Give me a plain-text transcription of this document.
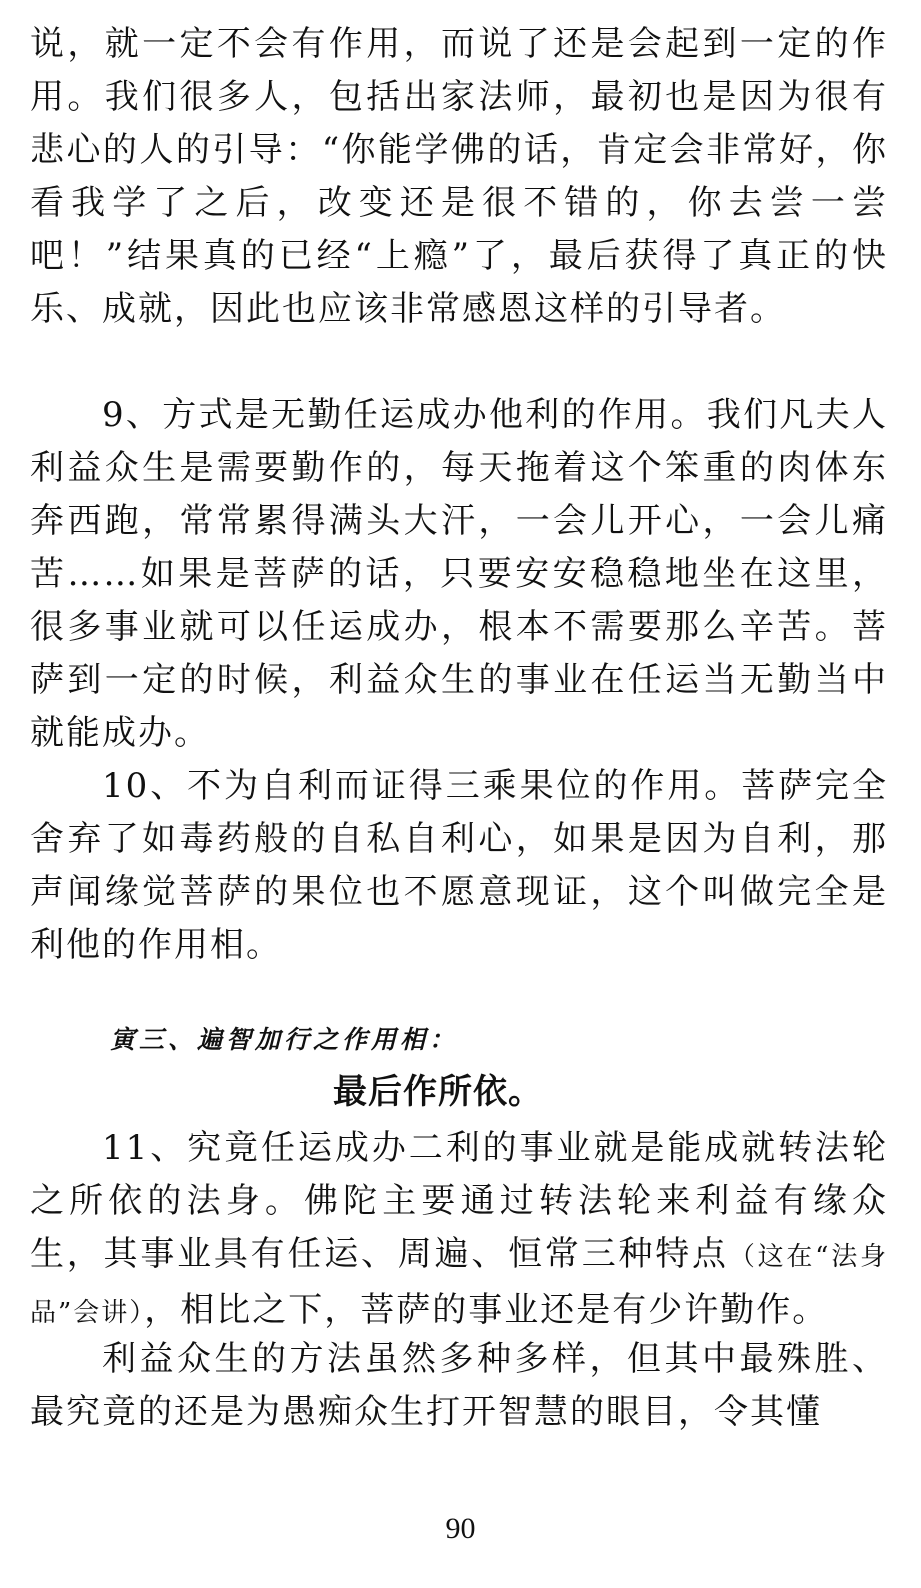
说，就一定不会有作用，而说了还是会起到一定的作用。我们很多人，包括出家法师，最初也是因为很有悲心的人的引导：“你能学佛的话，肯定会非常好，你看我学了之后，改变还是很不错的，你去尝一尝吧！”结果真的已经“上瘾”了，最后获得了真正的快乐、成就，因此也应该非常感恩这样的引导者。

9、方式是无勤任运成办他利的作用。我们凡夫人利益众生是需要勤作的，每天拖着这个笨重的肉体东奔西跑，常常累得满头大汗，一会儿开心，一会儿痛苦……如果是菩萨的话，只要安安稳稳地坐在这里，很多事业就可以任运成办，根本不需要那么辛苦。菩萨到一定的时候，利益众生的事业在任运当无勤当中就能成办。

10、不为自利而证得三乘果位的作用。菩萨完全舍弃了如毒药般的自私自利心，如果是因为自利，那声闻缘觉菩萨的果位也不愿意现证，这个叫做完全是利他的作用相。

寅三、遍智加行之作用相：

最后作所依。

11、究竟任运成办二利的事业就是能成就转法轮之所依的法身。佛陀主要通过转法轮来利益有缘众生，其事业具有任运、周遍、恒常三种特点（这在“法身品”会讲），相比之下，菩萨的事业还是有少许勤作。

利益众生的方法虽然多种多样，但其中最殊胜、最究竟的还是为愚痴众生打开智慧的眼目，令其懂

90
